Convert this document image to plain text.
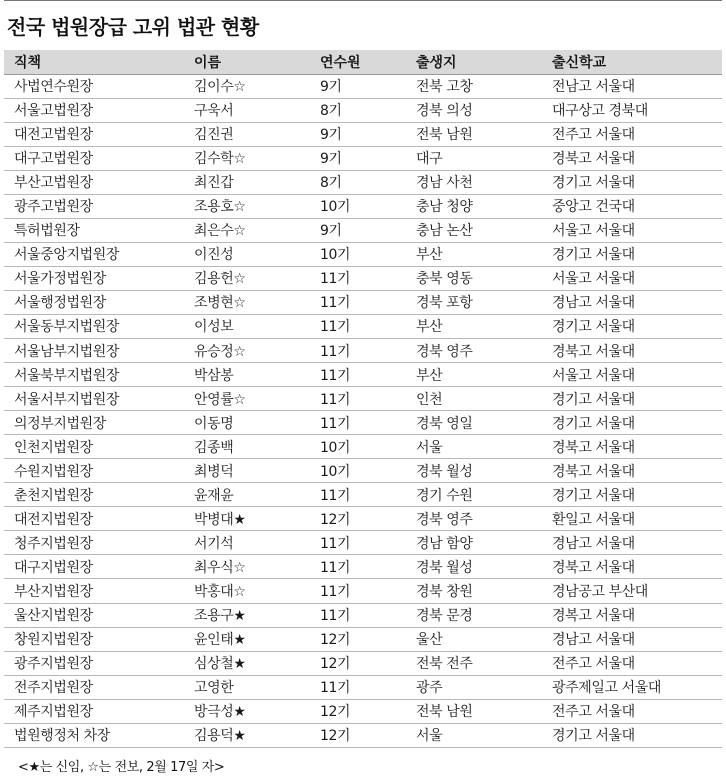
전국 법원장급 고위 법관 현황
직책	이름	연수원	출생지	출신학교
사법연수원장	김이수☆	9기	전북 고창	전남고 서울대
서울고법원장	구욱서	8기	경북 의성	대구상고 경북대
대전고법원장	김진권	9기	전북 남원	전주고 서울대
대구고법원장	김수학☆	9기	대구	경북고 서울대
부산고법원장	최진갑	8기	경남 사천	경기고 서울대
광주고법원장	조용호☆	10기	충남 청양	중앙고 건국대
특허법원장	최은수☆	9기	충남 논산	서울고 서울대
서울중앙지법원장	이진성	10기	부산	경기고 서울대
서울가정법원장	김용헌☆	11기	충북 영동	서울고 서울대
서울행정법원장	조병현☆	11기	경북 포항	경남고 서울대
서울동부지법원장	이성보	11기	부산	경기고 서울대
서울남부지법원장	유승정☆	11기	경북 영주	경북고 서울대
서울북부지법원장	박삼봉	11기	부산	서울고 서울대
서울서부지법원장	안영률☆	11기	인천	경기고 서울대
의정부지법원장	이동명	11기	경북 영일	경기고 서울대
인천지법원장	김종백	10기	서울	경북고 서울대
수원지법원장	최병덕	10기	경북 월성	경북고 서울대
춘천지법원장	윤재윤	11기	경기 수원	경기고 서울대
대전지법원장	박병대★	12기	경북 영주	환일고 서울대
청주지법원장	서기석	11기	경남 함양	경남고 서울대
대구지법원장	최우식☆	11기	경북 월성	경북고 서울대
부산지법원장	박홍대☆	11기	경북 창원	경남공고 부산대
울산지법원장	조용구★	11기	경북 문경	경복고 서울대
창원지법원장	윤인태★	12기	울산	경남고 서울대
광주지법원장	심상철★	12기	전북 전주	전주고 서울대
전주지법원장	고영한	11기	광주	광주제일고 서울대
제주지법원장	방극성★	12기	전북 남원	전주고 서울대
법원행정처 차장	김용덕★	12기	서울	경기고 서울대
<★는 신임, ☆는 전보, 2월 17일 자>
